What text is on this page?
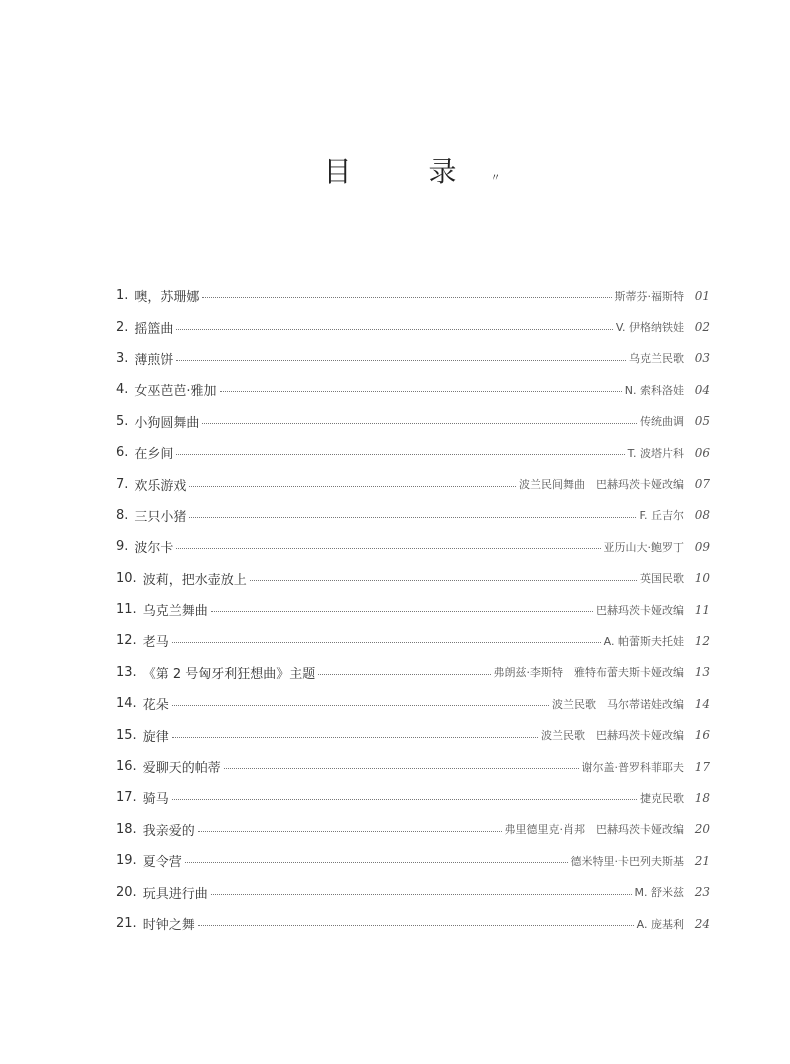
目 录〃
1. 噢，苏珊娜	斯蒂芬·福斯特 01
2. 摇篮曲	V. 伊格纳铁娃 02
3. 薄煎饼	乌克兰民歌 03
4. 女巫芭芭·雅加	N. 索科洛娃 04
5. 小狗圆舞曲	传统曲调 05
6. 在乡间	T. 波塔片科 06
7. 欢乐游戏	波兰民间舞曲　巴赫玛茨卡娅改编 07
8. 三只小猪	F. 丘吉尔 08
9. 波尔卡	亚历山大·鲍罗丁 09
10. 波莉，把水壶放上	英国民歌 10
11. 乌克兰舞曲	巴赫玛茨卡娅改编 11
12. 老马	A. 帕蕾斯夫托娃 12
13. 《第 2 号匈牙利狂想曲》主题	弗朗兹·李斯特　雅特布蕾夫斯卡娅改编 13
14. 花朵	波兰民歌　马尔蒂诺娃改编 14
15. 旋律	波兰民歌　巴赫玛茨卡娅改编 16
16. 爱聊天的帕蒂	谢尔盖·普罗科菲耶夫 17
17. 骑马	捷克民歌 18
18. 我亲爱的	弗里德里克·肖邦　巴赫玛茨卡娅改编 20
19. 夏令营	德米特里·卡巴列夫斯基 21
20. 玩具进行曲	M. 舒米兹 23
21. 时钟之舞	A. 庞基利 24
